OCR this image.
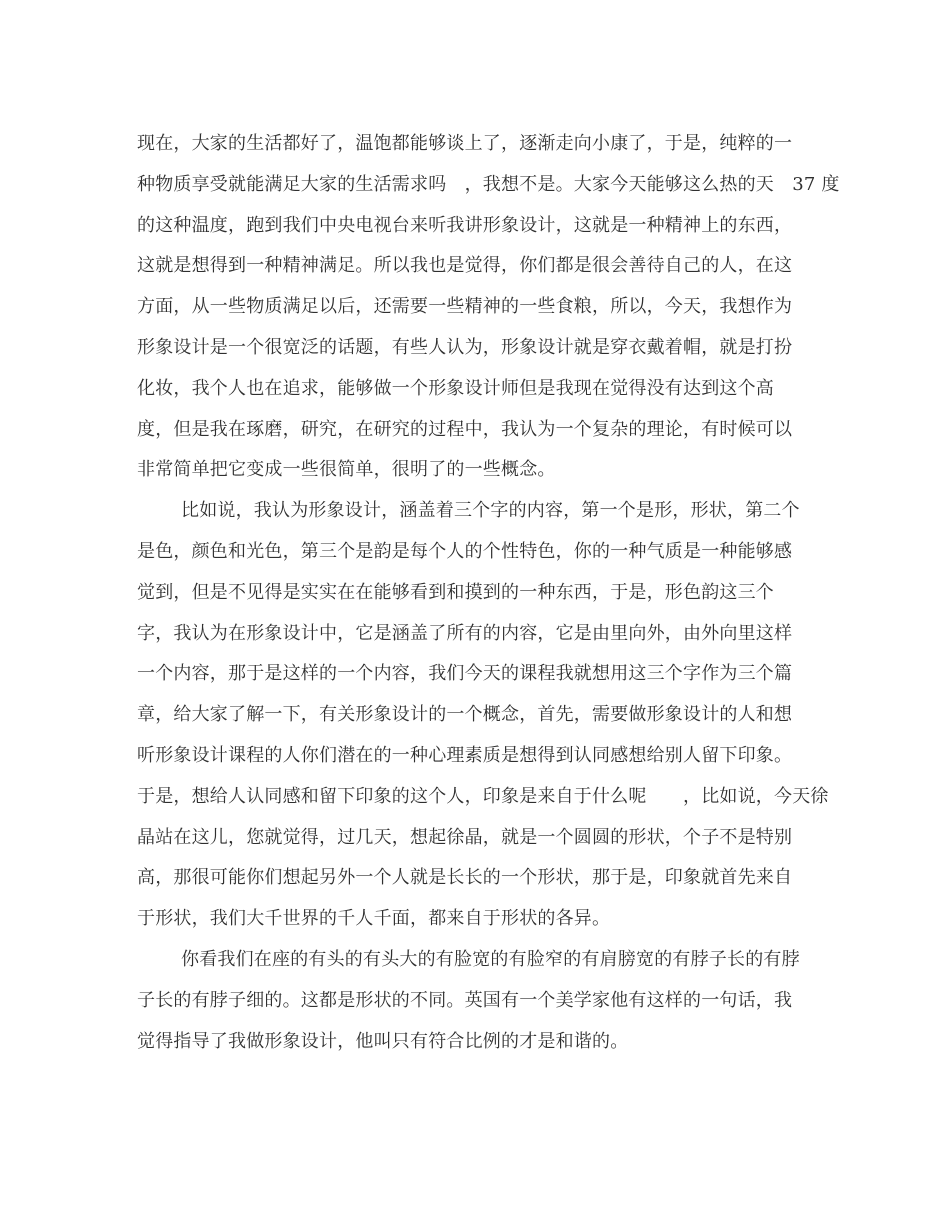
现在，大家的生活都好了，温饱都能够谈上了，逐渐走向小康了，于是，纯粹的一
种物质享受就能满足大家的生活需求吗　，我想不是。大家今天能够这么热的天　37 度
的这种温度，跑到我们中央电视台来听我讲形象设计，这就是一种精神上的东西，
这就是想得到一种精神满足。所以我也是觉得，你们都是很会善待自己的人，在这
方面，从一些物质满足以后，还需要一些精神的一些食粮，所以，今天，我想作为
形象设计是一个很宽泛的话题，有些人认为，形象设计就是穿衣戴着帽，就是打扮
化妆，我个人也在追求，能够做一个形象设计师但是我现在觉得没有达到这个高
度，但是我在琢磨，研究，在研究的过程中，我认为一个复杂的理论，有时候可以
非常简单把它变成一些很简单，很明了的一些概念。
比如说，我认为形象设计，涵盖着三个字的内容，第一个是形，形状，第二个
是色，颜色和光色，第三个是韵是每个人的个性特色，你的一种气质是一种能够感
觉到，但是不见得是实实在在能够看到和摸到的一种东西，于是，形色韵这三个
字，我认为在形象设计中，它是涵盖了所有的内容，它是由里向外，由外向里这样
一个内容，那于是这样的一个内容，我们今天的课程我就想用这三个字作为三个篇
章，给大家了解一下，有关形象设计的一个概念，首先，需要做形象设计的人和想
听形象设计课程的人你们潜在的一种心理素质是想得到认同感想给别人留下印象。
于是，想给人认同感和留下印象的这个人，印象是来自于什么呢　　，比如说，今天徐
晶站在这儿，您就觉得，过几天，想起徐晶，就是一个圆圆的形状，个子不是特别
高，那很可能你们想起另外一个人就是长长的一个形状，那于是，印象就首先来自
于形状，我们大千世界的千人千面，都来自于形状的各异。
你看我们在座的有头的有头大的有脸宽的有脸窄的有肩膀宽的有脖子长的有脖
子长的有脖子细的。这都是形状的不同。英国有一个美学家他有这样的一句话，我
觉得指导了我做形象设计，他叫只有符合比例的才是和谐的。
